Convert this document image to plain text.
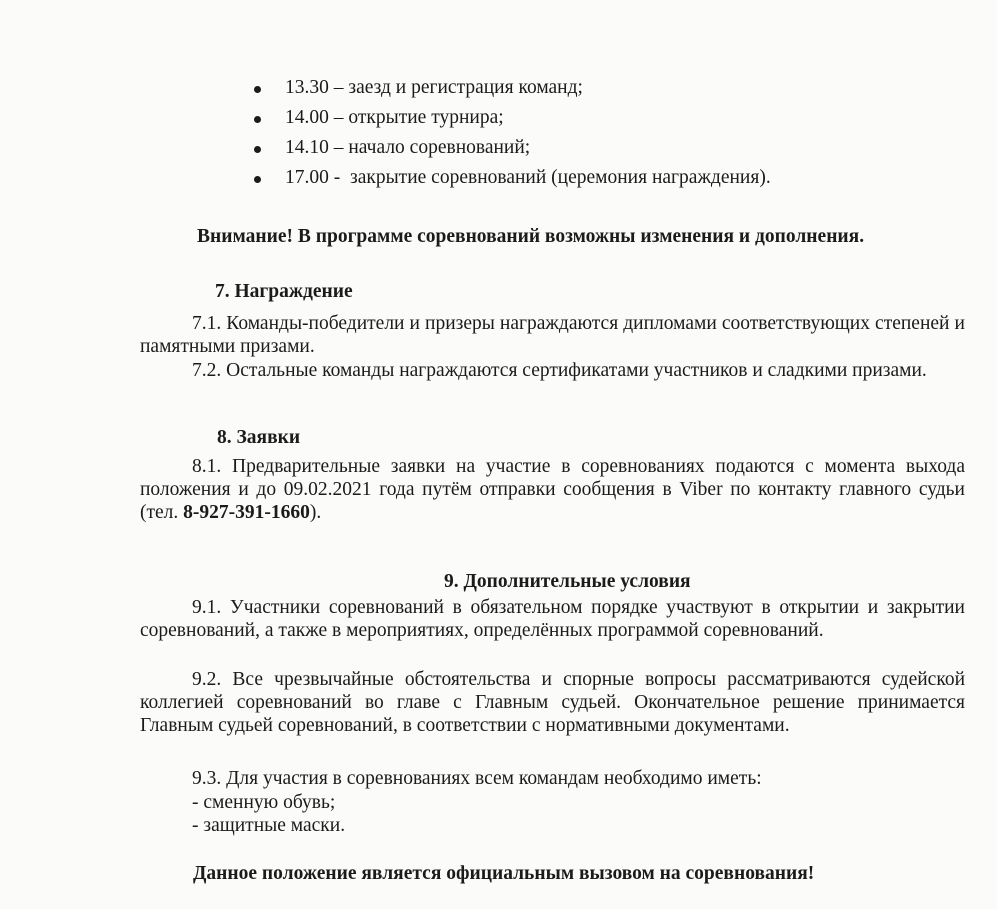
13.30 – заезд и регистрация команд;
14.00 – открытие турнира;
14.10 – начало соревнований;
17.00 -  закрытие соревнований (церемония награждения).
Внимание! В программе соревнований возможны изменения и дополнения.
7. Награждение
7.1. Команды-победители и призеры награждаются дипломами соответствующих степеней и памятными призами.
7.2. Остальные команды награждаются сертификатами участников и сладкими призами.
8. Заявки
8.1. Предварительные заявки на участие в соревнованиях подаются с момента выхода положения и до 09.02.2021 года путём отправки сообщения в Viber по контакту главного судьи (тел. 8-927-391-1660).
9. Дополнительные условия
9.1. Участники соревнований в обязательном порядке участвуют в открытии и закрытии соревнований, а также в мероприятиях, определённых программой соревнований.
9.2. Все чрезвычайные обстоятельства и спорные вопросы рассматриваются судейской коллегией соревнований во главе с Главным судьей. Окончательное решение принимается Главным судьей соревнований, в соответствии с нормативными документами.
9.3. Для участия в соревнованиях всем командам необходимо иметь:
- сменную обувь;
- защитные маски.
Данное положение является официальным вызовом на соревнования!
